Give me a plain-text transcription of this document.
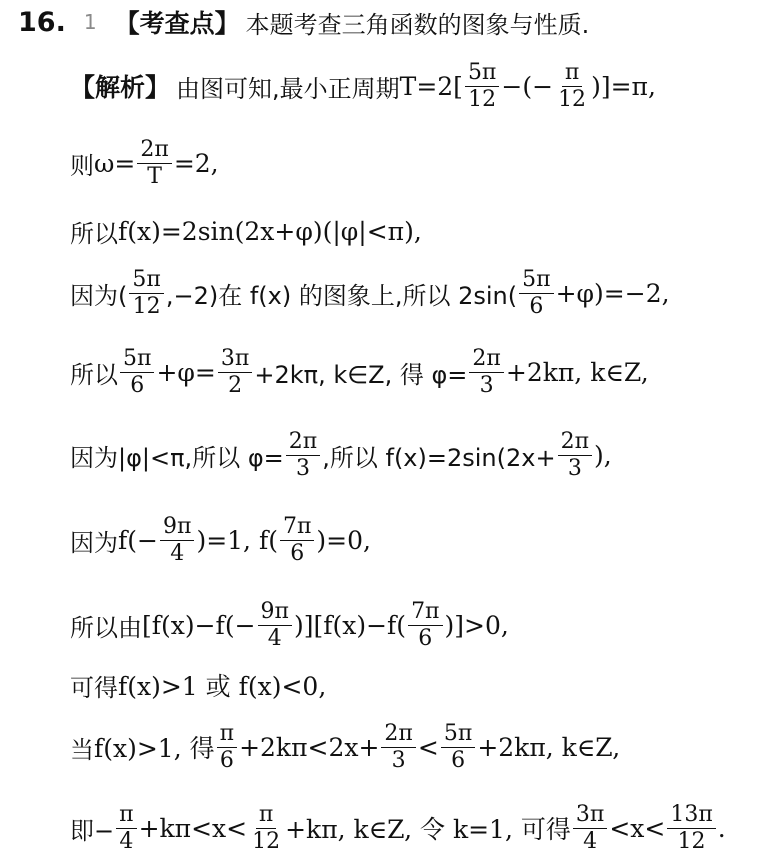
16. 1 【考查点】 本题考查三角函数的图象与性质.
【解析】 由图可知,最小正周期 $T=2[ \frac{5\pi}{12}$ −(− $\frac{\pi}{12} )]=\pi$,
则 $\omega= \frac{2\pi}{T} =2$,
所以 f(x)=2sin(2x+φ)(|φ|<π),
因为( $\frac{5\pi}{12} ,-2$)在 f(x) 的图象上,所以 $2\sin( \frac{5\pi}{6} +\varphi)=-2$,
所以 $\frac{5\pi}{6} +\varphi= \frac{3\pi}{2} +2k\pi$, k∈Z, 得 $\varphi= \frac{2\pi}{3} +2k\pi$, k∈Z,
因为|φ|<π,所以 $\varphi= \frac{2\pi}{3}$ ,所以 $f(x)=2\sin(2x+ \frac{2\pi}{3}$ ),
因为 $f(- \frac{9\pi}{4} )=1$, $f( \frac{7\pi}{6} )=0$,
所以由 $[f(x)-f(- \frac{9\pi}{4} )][f(x)-f( \frac{7\pi}{6} )]>0$,
可得 f(x)>1 或 f(x)<0,
当 f(x)>1, 得 $\frac{\pi}{6} +2k\pi<2x+ \frac{2\pi}{3} < \frac{5\pi}{6} +2k\pi$, k∈Z,
即− $\frac{\pi}{4} +k\pi<x< \frac{\pi}{12} +k\pi$, k∈Z, 令 k=1, 可得 $\frac{3\pi}{4} <x< \frac{13\pi}{12}$ .
